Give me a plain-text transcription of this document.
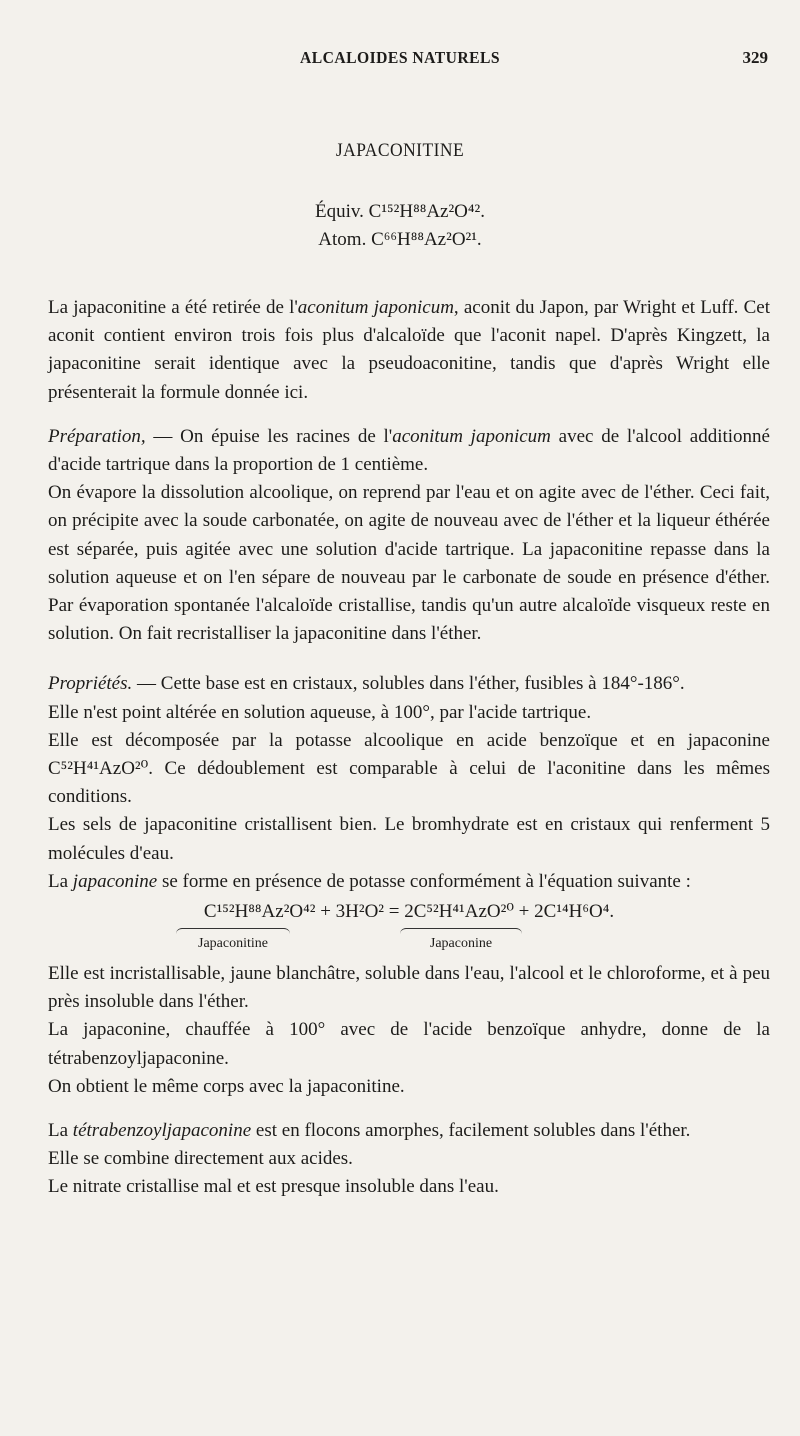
ALCALOIDES NATURELS	329
JAPACONITINE
Équiv. C¹⁵²H⁸⁸Az²O⁴².
Atom. C⁶⁶H⁸⁸Az²O²¹.

La japaconitine a été retirée de l'aconitum japonicum, aconit du Japon, par Wright et Luff. Cet aconit contient environ trois fois plus d'alcaloïde que l'aconit napel. D'après Kingzett, la japaconitine serait identique avec la pseudoaconitine, tandis que d'après Wright elle présenterait la formule donnée ici.

Préparation, — On épuise les racines de l'aconitum japonicum avec de l'alcool additionné d'acide tartrique dans la proportion de 1 centième.

On évapore la dissolution alcoolique, on reprend par l'eau et on agite avec de l'éther. Ceci fait, on précipite avec la soude carbonatée, on agite de nouveau avec de l'éther et la liqueur éthérée est séparée, puis agitée avec une solution d'acide tartrique. La japaconitine repasse dans la solution aqueuse et on l'en sépare de nouveau par le carbonate de soude en présence d'éther. Par évaporation spontanée l'alcaloïde cristallise, tandis qu'un autre alcaloïde visqueux reste en solution. On fait recristalliser la japaconitine dans l'éther.

Propriétés. — Cette base est en cristaux, solubles dans l'éther, fusibles à 184°-186°.

Elle n'est point altérée en solution aqueuse, à 100°, par l'acide tartrique.

Elle est décomposée par la potasse alcoolique en acide benzoïque et en japaconine C⁵²H⁴¹AzO²⁰. Ce dédoublement est comparable à celui de l'aconitine dans les mêmes conditions.

Les sels de japaconitine cristallisent bien. Le bromhydrate est en cristaux qui renferment 5 molécules d'eau.

La japaconine se forme en présence de potasse conformément à l'équation suivante :

C¹⁵²H⁸⁸Az²O⁴² + 3H²O² = 2C⁵²H⁴¹AzO²⁰ + 2C¹⁴H⁶O⁴.
Japaconitine	Japaconine

Elle est incristallisable, jaune blanchâtre, soluble dans l'eau, l'alcool et le chloroforme, et à peu près insoluble dans l'éther.

La japaconine, chauffée à 100° avec de l'acide benzoïque anhydre, donne de la tétrabenzoyljapaconine.

On obtient le même corps avec la japaconitine.

La tétrabenzoyljapaconine est en flocons amorphes, facilement solubles dans l'éther.

Elle se combine directement aux acides.

Le nitrate cristallise mal et est presque insoluble dans l'eau.
